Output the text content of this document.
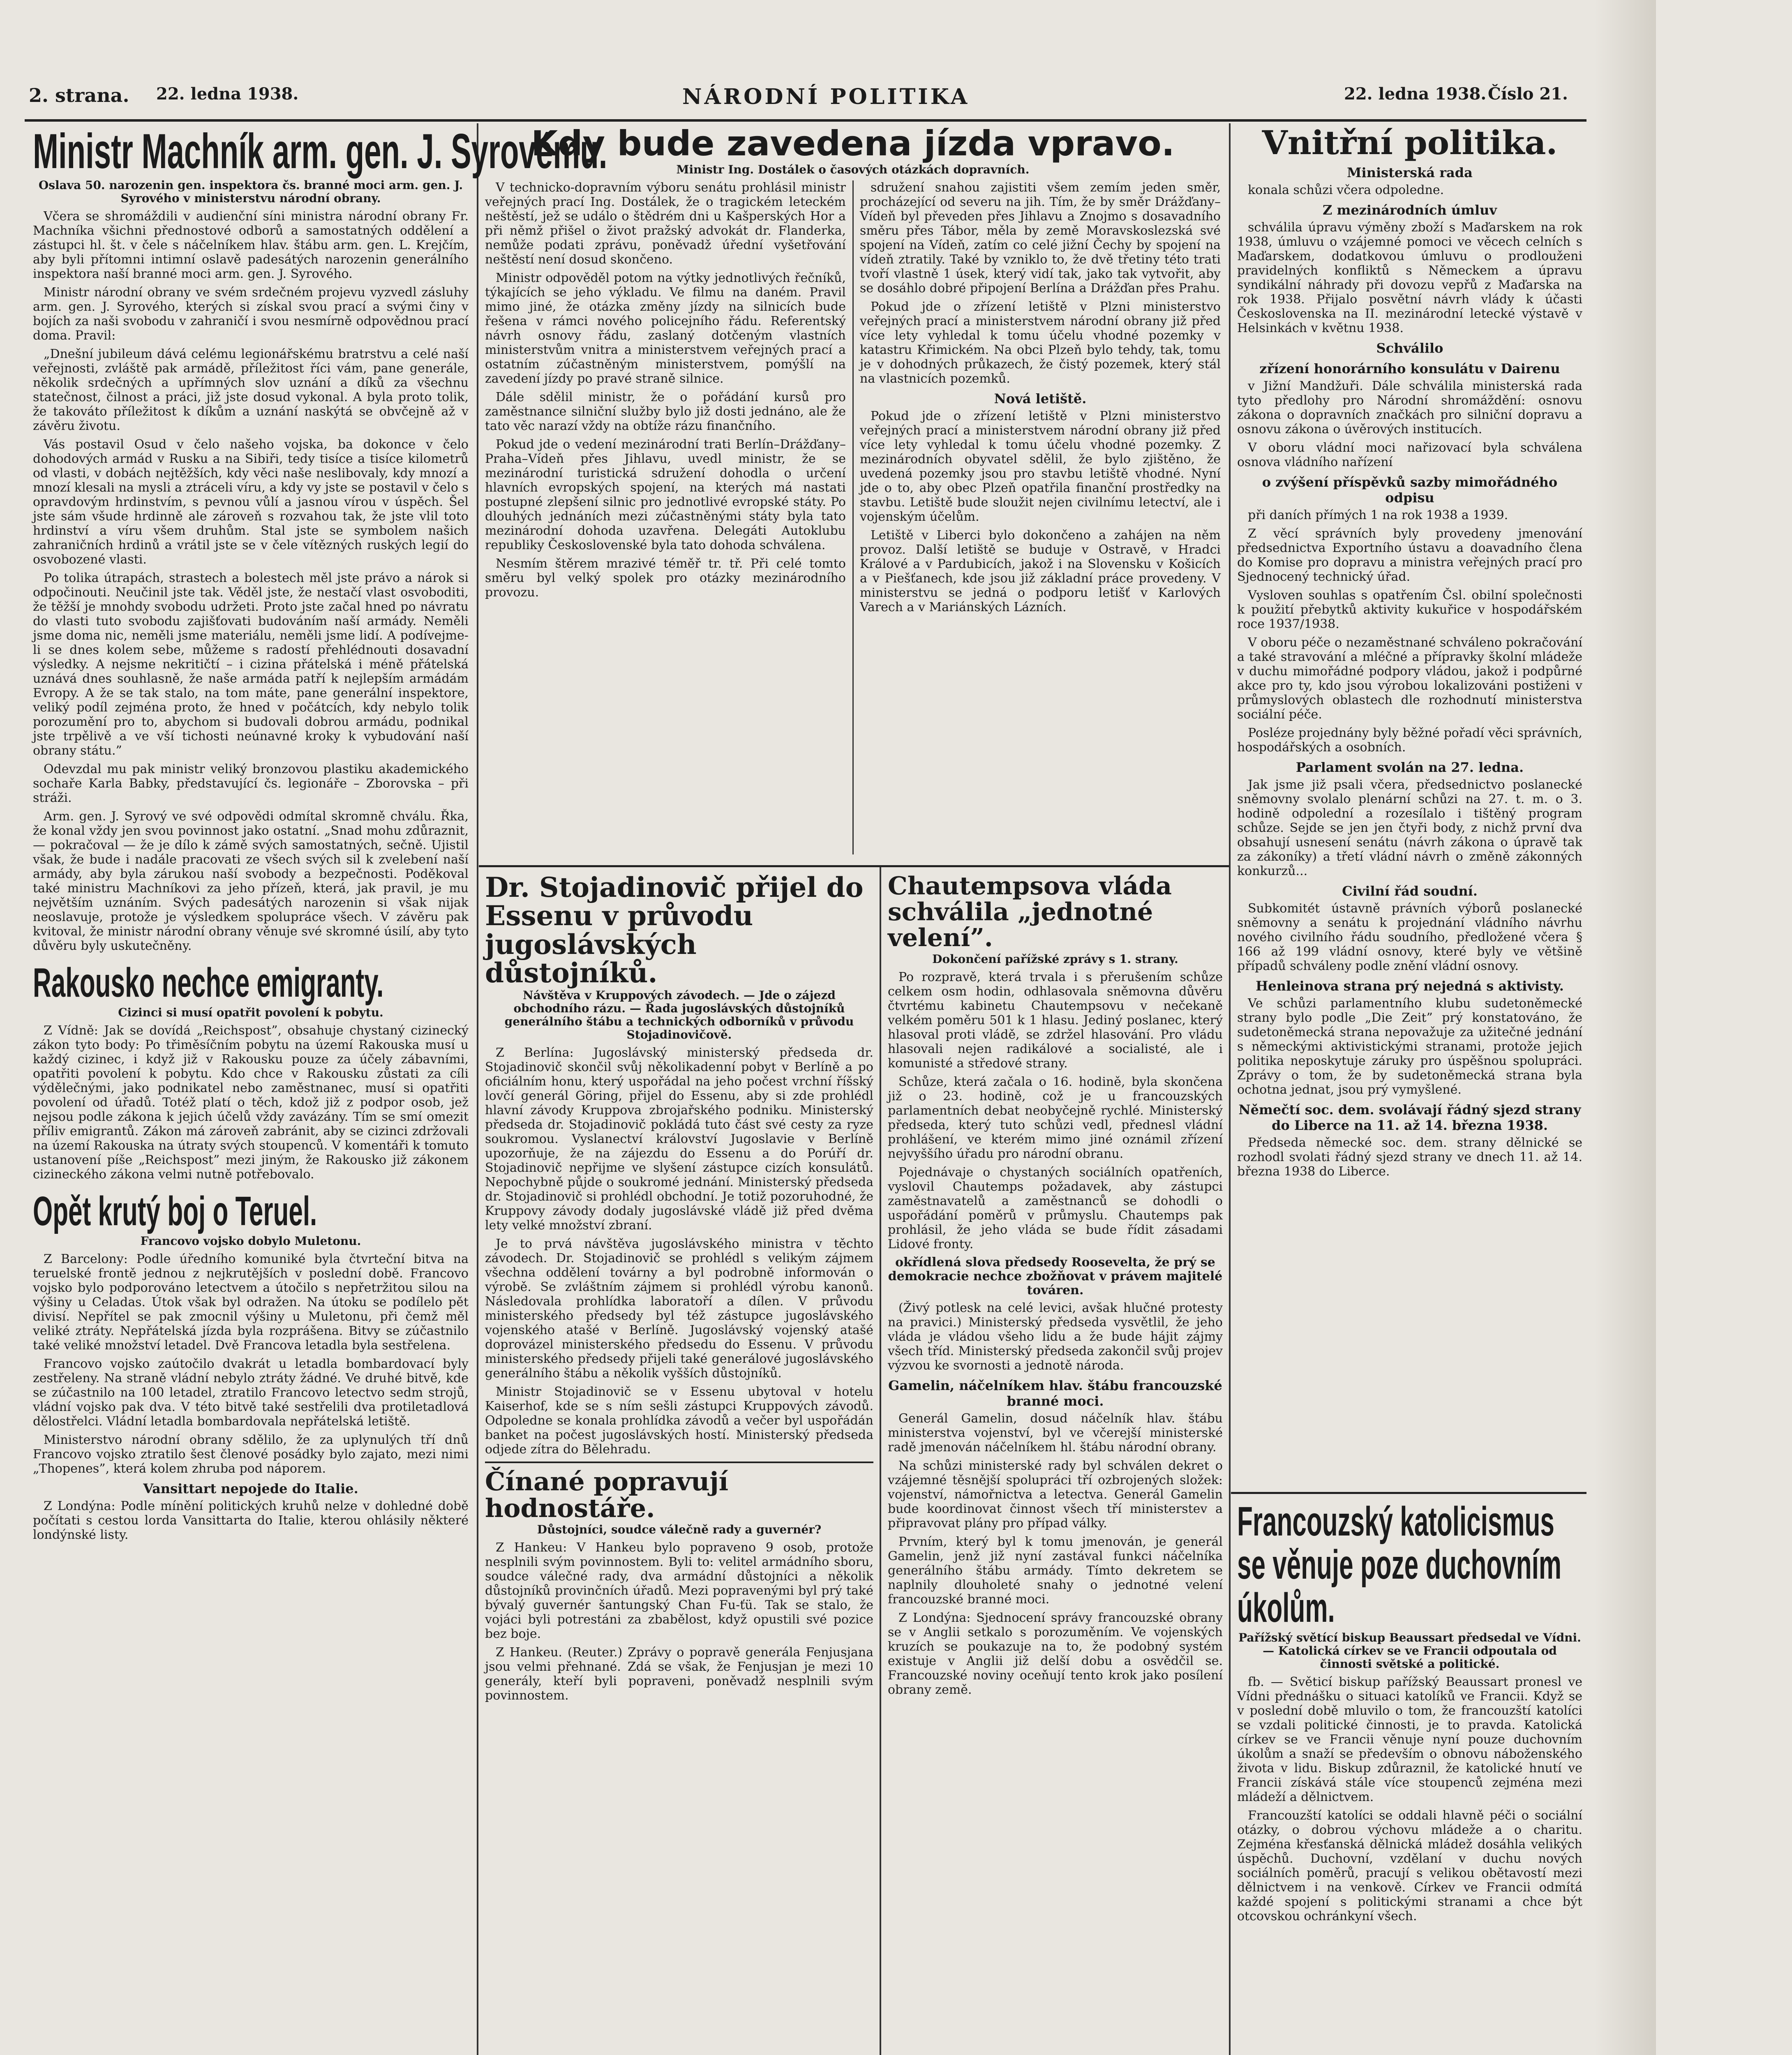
2. strana. 22. ledna 1938.	NÁRODNÍ POLITIKA	22. ledna 1938. Číslo 21.
Ministr Machník arm. gen. J. Syrovému.
Oslava 50. narozenin gen. inspektora čs. branné moci arm. gen. J. Syrového v ministerstvu národní obrany.

Včera se shromáždili v audienční síni ministra národní obrany Fr. Machníka všichni přednostové odborů a samostatných oddělení a zástupci hl. št. v čele s náčelníkem hlav. štábu arm. gen. L. Krejčím, aby byli přítomni intimní oslavě padesátých narozenin generálního inspektora naší branné moci arm. gen. J. Syrového.

Ministr národní obrany ve svém srdečném projevu vyzvedl zásluhy arm. gen. J. Syrového, kterých si získal svou prací a svými činy v bojích za naši svobodu v zahraničí i svou nesmírně odpovědnou prací doma. Pravil:

„Dnešní jubileum dává celému legionářskému bratrstvu a celé naší veřejnosti, zvláště pak armádě, příležitost říci vám, pane generále, několik srdečných a upřímných slov uznání a díků za všechnu statečnost, čilnost a práci, již jste dosud vykonal. A byla proto tolik, že takováto příležitost k díkům a uznání naskýtá se obvčejně až v závěru životu.

Vás postavil Osud v čelo našeho vojska, ba dokonce v čelo dohodových armád v Rusku a na Sibiři, tedy tisíce a tisíce kilometrů od vlasti, v dobách nejtěžších, kdy věci naše neslibovaly, kdy mnozí a mnozí klesali na mysli a ztráceli víru, a kdy vy jste se postavil v čelo s opravdovým hrdinstvím, s pevnou vůlí a jasnou vírou v úspěch. Šel jste sám všude hrdinně ale zároveň s rozvahou tak, že jste vlil toto hrdinství a víru všem druhům. Stal jste se symbolem našich zahraničních hrdinů a vrátil jste se v čele vítězných ruských legií do osvobozené vlasti.

Po tolika útrapách, strastech a bolestech měl jste právo a nárok si odpočinouti. Neučinil jste tak. Věděl jste, že nestačí vlast osvoboditi, že těžší je mnohdy svobodu udržeti. Proto jste začal hned po návratu do vlasti tuto svobodu zajišťovati budováním naší armády. Neměli jsme doma nic, neměli jsme materiálu, neměli jsme lidí. A podívejme-li se dnes kolem sebe, můžeme s radostí přehlédnouti dosavadní výsledky. A nejsme nekritičtí – i cizina přátelská i méně přátelská uznává dnes souhlasně, že naše armáda patří k nejlepším armádám Evropy. A že se tak stalo, na tom máte, pane generální inspektore, veliký podíl zejména proto, že hned v počátcích, kdy nebylo tolik porozumění pro to, abychom si budovali dobrou armádu, podnikal jste trpělivě a ve vší tichosti neúnavné kroky k vybudování naší obrany státu.”

Odevzdal mu pak ministr veliký bronzovou plastiku akademického sochaře Karla Babky, představující čs. legionáře – Zborovska – při stráži.

Arm. gen. J. Syrový ve své odpovědi odmítal skromně chválu. Řka, že konal vždy jen svou povinnost jako ostatní. „Snad mohu zdůraznit, — pokračoval — že je dílo k zámě svých samostatných, sečně. Ujistil však, že bude i nadále pracovati ze všech svých sil k zvelebení naší armády, aby byla zárukou naší svobody a bezpečnosti. Poděkoval také ministru Machníkovi za jeho přízeň, která, jak pravil, je mu největším uznáním. Svých padesátých narozenin si však nijak neoslavuje, protože je výsledkem spolupráce všech. V závěru pak kvitoval, že ministr národní obrany věnuje své skromné úsilí, aby tyto důvěru byly uskutečněny.

Rakousko nechce emigranty.
Cizinci si musí opatřit povolení k pobytu.

Z Vídně: Jak se dovídá „Reichspost”, obsahuje chystaný cizinecký zákon tyto body: Po třiměsíčním pobytu na území Rakouska musí u každý cizinec, i když již v Rakousku pouze za účely zábavními, opatřiti povolení k pobytu. Kdo chce v Rakousku zůstati za cíli výdělečnými, jako podnikatel nebo zaměstnanec, musí si opatřiti povolení od úřadů. Totéž platí o těch, kdož již z podpor osob, jež nejsou podle zákona k jejich účelů vždy zavázány. Tím se smí omezit příliv emigrantů. Zákon má zároveň zabránit, aby se cizinci zdržovali na území Rakouska na útraty svých stoupenců. V komentáři k tomuto ustanovení píše „Reichspost” mezi jiným, že Rakousko již zákonem cizineckého zákona velmi nutně potřebovalo.

Opět krutý boj o Teruel.
Francovo vojsko dobylo Muletonu.

Z Barcelony: Podle úředního komuniké byla čtvrteční bitva na teruelské frontě jednou z nejkrutějších v poslední době. Francovo vojsko bylo podporováno letectvem a útočilo s nepřetržitou silou na výšiny u Celadas. Útok však byl odražen. Na útoku se podílelo pět divisí. Nepřítel se pak zmocnil výšiny u Muletonu, při čemž měl veliké ztráty. Nepřátelská jízda byla rozprášena. Bitvy se zúčastnilo také veliké množství letadel. Dvě Francova letadla byla sestřelena.

Francovo vojsko zaútočilo dvakrát u letadla bombardovací byly zestřeleny. Na straně vládní nebylo ztráty žádné. Ve druhé bitvě, kde se zúčastnilo na 100 letadel, ztratilo Francovo letectvo sedm strojů, vládní vojsko pak dva. V této bitvě také sestřelili dva protiletadlová dělostřelci. Vládní letadla bombardovala nepřátelská letiště.

Ministerstvo národní obrany sdělilo, že za uplynulých tří dnů Francovo vojsko ztratilo šest členové posádky bylo zajato, mezi nimi „Thopenes”, která kolem zhruba pod náporem.

Vansittart nepojede do Italie.

Z Londýna: Podle mínění politických kruhů nelze v dohledné době počítati s cestou lorda Vansittarta do Italie, kterou ohlásily některé londýnské listy.

Kdy bude zavedena jízda vpravo.
Ministr Ing. Dostálek o časových otázkách dopravních.

V technicko-dopravním výboru senátu prohlásil ministr veřejných prací Ing. Dostálek, že o tragickém leteckém neštěstí, jež se událo o štědrém dni u Kašperských Hor a při němž přišel o život pražský advokát dr. Flanderka, nemůže podati zprávu, poněvadž úřední vyšetřování neštěstí není dosud skončeno.

Ministr odpověděl potom na výtky jednotlivých řečníků, týkajících se jeho výkladu. Ve filmu na daném. Pravil mimo jiné, že otázka změny jízdy na silnicích bude řešena v rámci nového policejního řádu. Referentský návrh osnovy řádu, zaslaný dotčeným vlastních ministerstvům vnitra a ministerstvem veřejných prací a ostatním zúčastněným ministerstvem, pomýšlí na zavedení jízdy po pravé straně silnice.

Dále sdělil ministr, že o pořádání kursů pro zaměstnance silniční služby bylo již dosti jednáno, ale že tato věc narazí vždy na obtíže rázu finančního.

Pokud jde o vedení mezinárodní trati Berlín–Drážďany–Praha–Vídeň přes Jihlavu, uvedl ministr, že se mezinárodní turistická sdružení dohodla o určení hlavních evropských spojení, na kterých má nastati postupné zlepšení silnic pro jednotlivé evropské státy. Po dlouhých jednáních mezi zúčastněnými státy byla tato mezinárodní dohoda uzavřena. Delegáti Autoklubu republiky Československé byla tato dohoda schválena.

Nesmím štěrem mrazivé téměř tr. tř. Při celé tomto směru byl velký spolek pro otázky mezinárodního provozu.

sdružení snahou zajistiti všem zemím jeden směr, procházející od severu na jih. Tím, že by směr Drážďany–Vídeň byl převeden přes Jihlavu a Znojmo s dosavadního směru přes Tábor, měla by země Moravskoslezská své spojení na Vídeň, zatím co celé jižní Čechy by spojení na vídeň ztratily. Také by vzniklo to, že dvě třetiny této trati tvoří vlastně 1 úsek, který vidí tak, jako tak vytvořit, aby se dosáhlo dobré připojení Berlína a Drážďan přes Prahu.

Pokud jde o zřízení letiště v Plzni ministerstvo veřejných prací a ministerstvem národní obrany již před více lety vyhledal k tomu účelu vhodné pozemky v katastru Křimickém. Na obci Plzeň bylo tehdy, tak, tomu je v dohodných průkazech, že čistý pozemek, který stál na vlastnicích pozemků.

Nová letiště.

Pokud jde o zřízení letiště v Plzni ministerstvo veřejných prací a ministerstvem národní obrany již před více lety vyhledal k tomu účelu vhodné pozemky. Z mezinárodních obyvatel sdělil, že bylo zjištěno, že uvedená pozemky jsou pro stavbu letiště vhodné. Nyní jde o to, aby obec Plzeň opatřila finanční prostředky na stavbu. Letiště bude sloužit nejen civilnímu letectví, ale i vojenským účelům.

Letiště v Liberci bylo dokončeno a zahájen na něm provoz. Další letiště se buduje v Ostravě, v Hradci Králové a v Pardubicích, jakož i na Slovensku v Košicích a v Piešťanech, kde jsou již základní práce provedeny. V ministerstvu se jedná o podporu letišť v Karlových Varech a v Mariánských Lázních.

Dr. Stojadinovič přijel do Essenu v průvodu jugoslávských důstojníků.
Návštěva v Kruppových závodech. — Jde o zájezd obchodního rázu. — Řada jugoslávských důstojníků generálního štábu a technických odborníků v průvodu Stojadinovičově.

Z Berlína: Jugoslávský ministerský předseda dr. Stojadinovič skončil svůj několikadenní pobyt v Berlíně a po oficiálním honu, který uspořádal na jeho počest vrchní říšský lovčí generál Göring, přijel do Essenu, aby si zde prohlédl hlavní závody Kruppova zbrojařského podniku. Ministerský předseda dr. Stojadinovič pokládá tuto část své cesty za ryze soukromou. Vyslanectví království Jugoslavie v Berlíně upozorňuje, že na zájezdu do Essenu a do Porúří dr. Stojadinovič nepřijme ve slyšení zástupce cizích konsulátů. Nepochybně půjde o soukromé jednání. Ministerský předseda dr. Stojadinovič si prohlédl obchodní. Je totiž pozoruhodné, že Kruppovy závody dodaly jugoslávské vládě již před dvěma lety velké množství zbraní.

Je to prvá návštěva jugoslávského ministra v těchto závodech. Dr. Stojadinovič se prohlédl s velikým zájmem všechna oddělení továrny a byl podrobně informován o výrobě. Se zvláštním zájmem si prohlédl výrobu kanonů. Následovala prohlídka laboratoří a dílen. V průvodu ministerského předsedy byl též zástupce jugoslávského vojenského atašé v Berlíně. Jugoslávský vojenský atašé doprovázel ministerského předsedu do Essenu. V průvodu ministerského předsedy přijeli také generálové jugoslávského generálního štábu a několik vyšších důstojníků.

Ministr Stojadinovič se v Essenu ubytoval v hotelu Kaiserhof, kde se s ním sešli zástupci Kruppových závodů. Odpoledne se konala prohlídka závodů a večer byl uspořádán banket na počest jugoslávských hostí. Ministerský předseda odjede zítra do Bělehradu.

Čínané popravují hodnostáře.
Důstojníci, soudce válečně rady a guvernér?

Z Hankeu: V Hankeu bylo popraveno 9 osob, protože nesplnili svým povinnostem. Byli to: velitel armádního sboru, soudce válečné rady, dva armádní důstojníci a několik důstojníků provinčních úřadů. Mezi popravenými byl prý také bývalý guvernér šantungský Chan Fu-ťü. Tak se stalo, že vojáci byli potrestáni za zbabělost, když opustili své pozice bez boje.

Z Hankeu. (Reuter.) Zprávy o popravě generála Fenjusjana jsou velmi přehnané. Zdá se však, že Fenjusjan je mezi 10 generály, kteří byli popraveni, poněvadž nesplnili svým povinnostem.

Chautempsova vláda schválila „jednotné velení”.
Dokončení pařížské zprávy s 1. strany.

Po rozpravě, která trvala i s přerušením schůze celkem osm hodin, odhlasovala sněmovna důvěru čtvrtému kabinetu Chautempsovu v nečekaně velkém poměru 501 k 1 hlasu. Jediný poslanec, který hlasoval proti vládě, se zdržel hlasování. Pro vládu hlasovali nejen radikálové a socialisté, ale i komunisté a středové strany.

Schůze, která začala o 16. hodině, byla skončena již o 23. hodině, což je u francouzských parlamentních debat neobyčejně rychlé. Ministerský předseda, který tuto schůzi vedl, přednesl vládní prohlášení, ve kterém mimo jiné oznámil zřízení nejvyššího úřadu pro národní obranu.

Pojednávaje o chystaných sociálních opatřeních, vyslovil Chautemps požadavek, aby zástupci zaměstnavatelů a zaměstnanců se dohodli o uspořádání poměrů v průmyslu. Chautemps pak prohlásil, že jeho vláda se bude řídit zásadami Lidové fronty.

okřídlená slova předsedy Roosevelta, že prý se demokracie nechce zbožňovat v právem majitelé továren.

(Živý potlesk na celé levici, avšak hlučné protesty na pravici.) Ministerský předseda vysvětlil, že jeho vláda je vládou všeho lidu a že bude hájit zájmy všech tříd. Ministerský předseda zakončil svůj projev výzvou ke svornosti a jednotě národa.

Gamelin, náčelníkem hlav. štábu francouzské branné moci.

Generál Gamelin, dosud náčelník hlav. štábu ministerstva vojenství, byl ve včerejší ministerské radě jmenován náčelníkem hl. štábu národní obrany.

Na schůzi ministerské rady byl schválen dekret o vzájemné těsnější spolupráci tří ozbrojených složek: vojenství, námořnictva a letectva. Generál Gamelin bude koordinovat činnost všech tří ministerstev a připravovat plány pro případ války.

Prvním, který byl k tomu jmenován, je generál Gamelin, jenž již nyní zastával funkci náčelníka generálního štábu armády. Tímto dekretem se naplnily dlouholeté snahy o jednotné velení francouzské branné moci.

Z Londýna: Sjednocení správy francouzské obrany se v Anglii setkalo s porozuměním. Ve vojenských kruzích se poukazuje na to, že podobný systém existuje v Anglii již delší dobu a osvědčil se. Francouzské noviny oceňují tento krok jako posílení obrany země.

Vnitřní politika.
Ministerská rada

konala schůzi včera odpoledne.

Z mezinárodních úmluv

schválila úpravu výměny zboží s Maďarskem na rok 1938, úmluvu o vzájemné pomoci ve věcech celních s Maďarskem, dodatkovou úmluvu o prodlouženi pravidelných konfliktů s Německem a úpravu syndikální náhrady při dovozu vepřů z Maďarska na rok 1938. Přijalo posvětní návrh vlády k účasti Československa na II. mezinárodní letecké výstavě v Helsinkách v květnu 1938.

Schválilo
zřízení honorárního konsulátu v Dairenu

v Jižní Mandžuři. Dále schválila ministerská rada tyto předlohy pro Národní shromáždění: osnovu zákona o dopravních značkách pro silniční dopravu a osnovu zákona o úvěrových institucích.

V oboru vládní moci nařizovací byla schválena osnova vládního nařízení

o zvýšení příspěvků sazby mimořádného odpisu

při daních přímých 1 na rok 1938 a 1939.

Z věcí správních byly provedeny jmenování předsednictva Exportního ústavu a doavadního člena do Komise pro dopravu a ministra veřejných prací pro Sjednocený technický úřad.

Vysloven souhlas s opatřením Čsl. obilní společnosti k použití přebytků aktivity kukuřice v hospodářském roce 1937/1938.

V oboru péče o nezaměstnané schváleno pokračování a také stravování a mléčné a přípravky školní mládeže v duchu mimořádné podpory vládou, jakož i podpůrné akce pro ty, kdo jsou výrobou lokalizováni postiženi v průmyslových oblastech dle rozhodnutí ministerstva sociální péče.

Posléze projednány byly běžné pořadí věci správních, hospodářských a osobních.

Parlament svolán na 27. ledna.

Jak jsme již psali včera, předsednictvo poslanecké sněmovny svolalo plenární schůzi na 27. t. m. o 3. hodině odpolední a rozesílalo i tištěný program schůze. Sejde se jen jen čtyři body, z nichž první dva obsahují usnesení senátu (návrh zákona o úpravě tak za zákoníky) a třetí vládní návrh o změně zákonných konkurzů...

Civilní řád soudní.

Subkomitét ústavně právních výborů poslanecké sněmovny a senátu k projednání vládního návrhu nového civilního řádu soudního, předložené včera § 166 až 199 vládní osnovy, které byly ve většině případů schváleny podle znění vládní osnovy.

Henleinova strana prý nejedná s aktivisty.

Ve schůzi parlamentního klubu sudetoněmecké strany bylo podle „Die Zeit” prý konstatováno, že sudetoněmecká strana nepovažuje za užitečné jednání s německými aktivistickými stranami, protože jejich politika neposkytuje záruky pro úspěšnou spolupráci. Zprávy o tom, že by sudetoněmecká strana byla ochotna jednat, jsou prý vymyšlené.

Němečtí soc. dem. svolávají řádný sjezd strany do Liberce na 11. až 14. března 1938.

Předseda německé soc. dem. strany dělnické se rozhodl svolati řádný sjezd strany ve dnech 11. až 14. března 1938 do Liberce.

Francouzský katolicismus se věnuje poze duchovním úkolům.
Pařížský světící biskup Beaussart předsedal ve Vídni. — Katolická církev se ve Francii odpoutala od činnosti světské a politické.

fb. — Světicí biskup pařížský Beaussart pronesl ve Vídni přednášku o situaci katolíků ve Francii. Když se v poslední době mluvilo o tom, že francouzští katolíci se vzdali politické činnosti, je to pravda. Katolická církev se ve Francii věnuje nyní pouze duchovním úkolům a snaží se především o obnovu náboženského života v lidu. Biskup zdůraznil, že katolické hnutí ve Francii získává stále více stoupenců zejména mezi mládeží a dělnictvem.

Francouzští katolíci se oddali hlavně péči o sociální otázky, o dobrou výchovu mládeže a o charitu. Zejména křesťanská dělnická mládež dosáhla velikých úspěchů. Duchovní, vzdělaní v duchu nových sociálních poměrů, pracují s velikou obětavostí mezi dělnictvem i na venkově. Církev ve Francii odmítá každé spojení s politickými stranami a chce být otcovskou ochránkyní všech.
